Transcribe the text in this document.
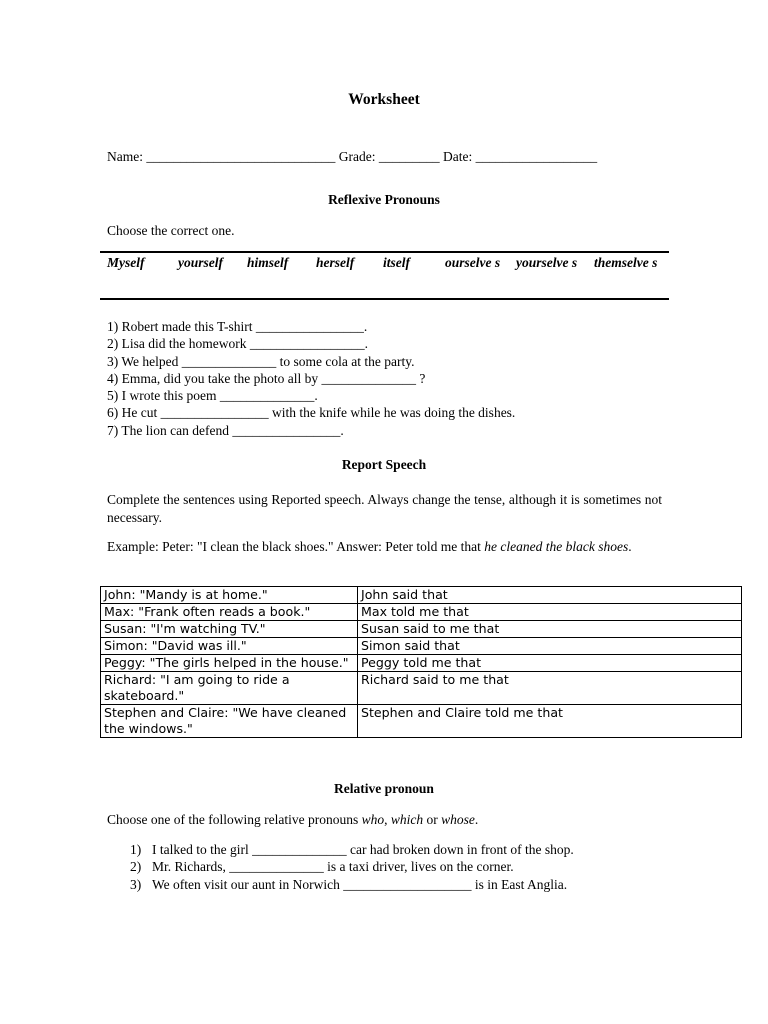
Worksheet
Name: ____________________________ Grade: _________ Date: __________________
Reflexive Pronouns
Choose the correct one.
Myself yourself himself herself itself	ourselve s	yourselve s	themselve s
1) Robert made this T-shirt ________________.
2) Lisa did the homework _________________.
3) We helped ______________ to some cola at the party.
4) Emma, did you take the photo all by ______________ ?
5) I wrote this poem ______________.
6) He cut ________________ with the knife while he was doing the dishes.
7) The lion can defend ________________.
Report Speech
Complete the sentences using Reported speech. Always change the tense, although it is sometimes not necessary.
Example: Peter: "I clean the black shoes." Answer: Peter told me that he cleaned the black shoes.
John: "Mandy is at home."	John said that
Max: "Frank often reads a book."	Max told me that
Susan: "I'm watching TV."	Susan said to me that
Simon: "David was ill."	Simon said that
Peggy: "The girls helped in the house."	Peggy told me that
Richard: "I am going to ride a skateboard."	Richard said to me that
Stephen and Claire: "We have cleaned the windows."	Stephen and Claire told me that
Relative pronoun
Choose one of the following relative pronouns who, which or whose.
1) I talked to the girl ______________ car had broken down in front of the shop.
2) Mr. Richards, ______________ is a taxi driver, lives on the corner.
3) We often visit our aunt in Norwich ___________________ is in East Anglia.
